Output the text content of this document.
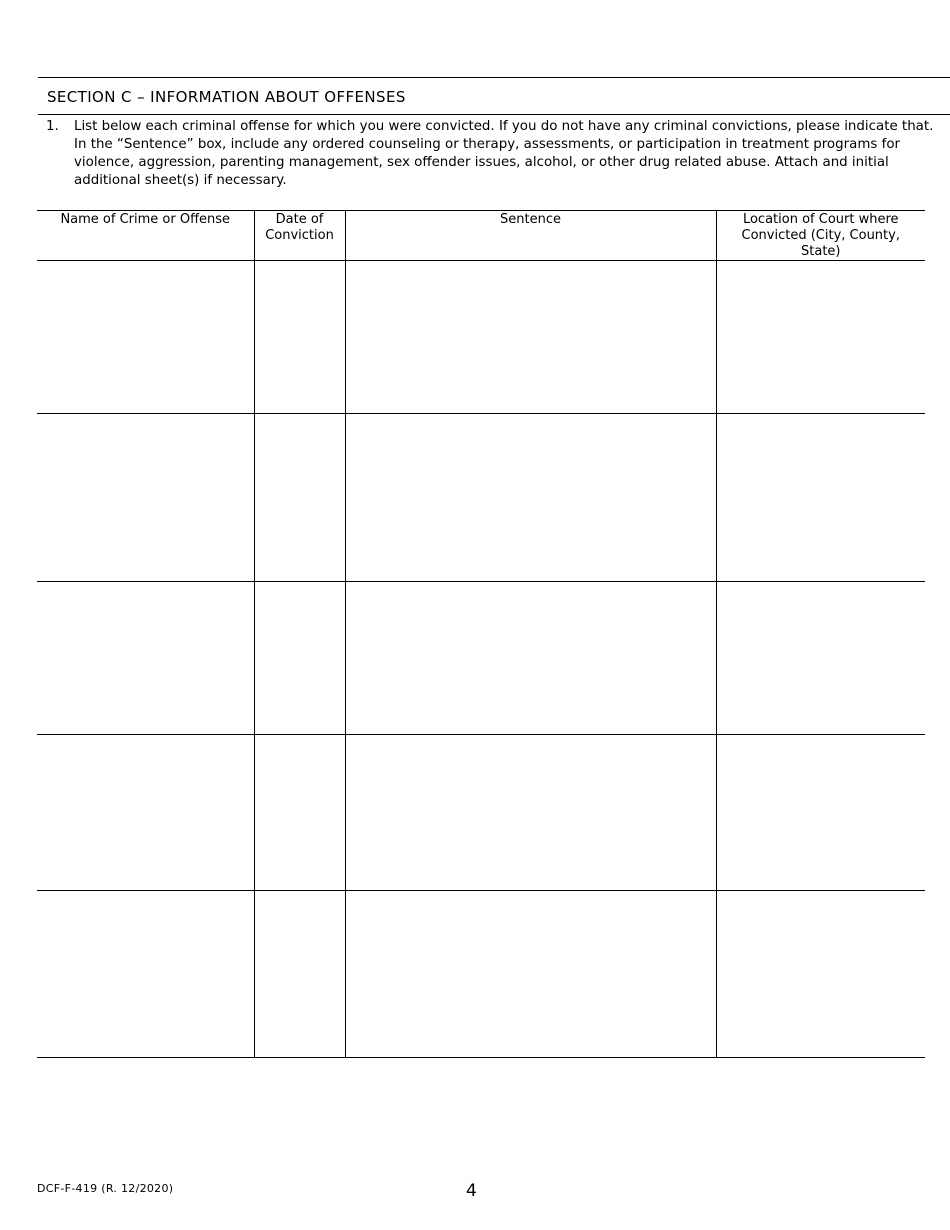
SECTION C – INFORMATION ABOUT OFFENSES
1.	List below each criminal offense for which you were convicted. If you do not have any criminal convictions, please indicate that. In the “Sentence” box, include any ordered counseling or therapy, assessments, or participation in treatment programs for violence, aggression, parenting management, sex offender issues, alcohol, or other drug related abuse. Attach and initial additional sheet(s) if necessary.
Name of Crime or Offense	Date of Conviction	Sentence	Location of Court where Convicted (City, County, State)

DCF-F-419 (R. 12/2020)	4
